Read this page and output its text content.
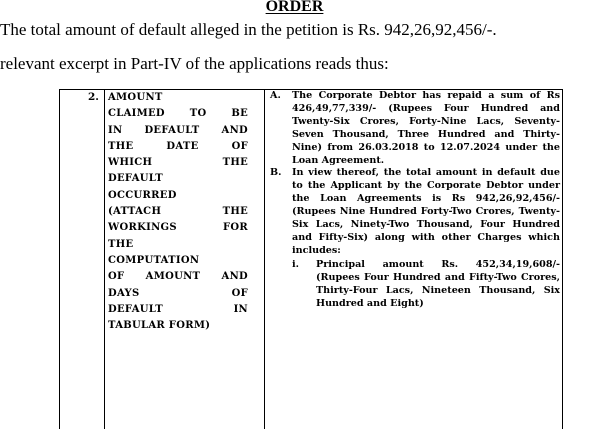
ORDER
The total amount of default alleged in the petition is Rs. 942,26,92,456/-.
relevant excerpt in Part-IV of the applications reads thus:
2. AMOUNT
CLAIMED TO BE
IN DEFAULT AND
THE DATE OF
WHICH THE
DEFAULT
OCCURRED
(ATTACH THE
WORKINGS FOR
THE
COMPUTATION
OF AMOUNT AND
DAYS OF
DEFAULT IN
TABULAR FORM)
A. The Corporate Debtor has repaid a sum of Rs 426,49,77,339/- (Rupees Four Hundred and Twenty-Six Crores, Forty-Nine Lacs, Seventy-Seven Thousand, Three Hundred and Thirty-Nine) from 26.03.2018 to 12.07.2024 under the Loan Agreement.
B. In view thereof, the total amount in default due to the Applicant by the Corporate Debtor under the Loan Agreements is Rs 942,26,92,456/- (Rupees Nine Hundred Forty-Two Crores, Twenty-Six Lacs, Ninety-Two Thousand, Four Hundred and Fifty-Six) along with other Charges which includes:
i. Principal amount Rs. 452,34,19,608/- (Rupees Four Hundred and Fifty-Two Crores, Thirty-Four Lacs, Nineteen Thousand, Six Hundred and Eight)
